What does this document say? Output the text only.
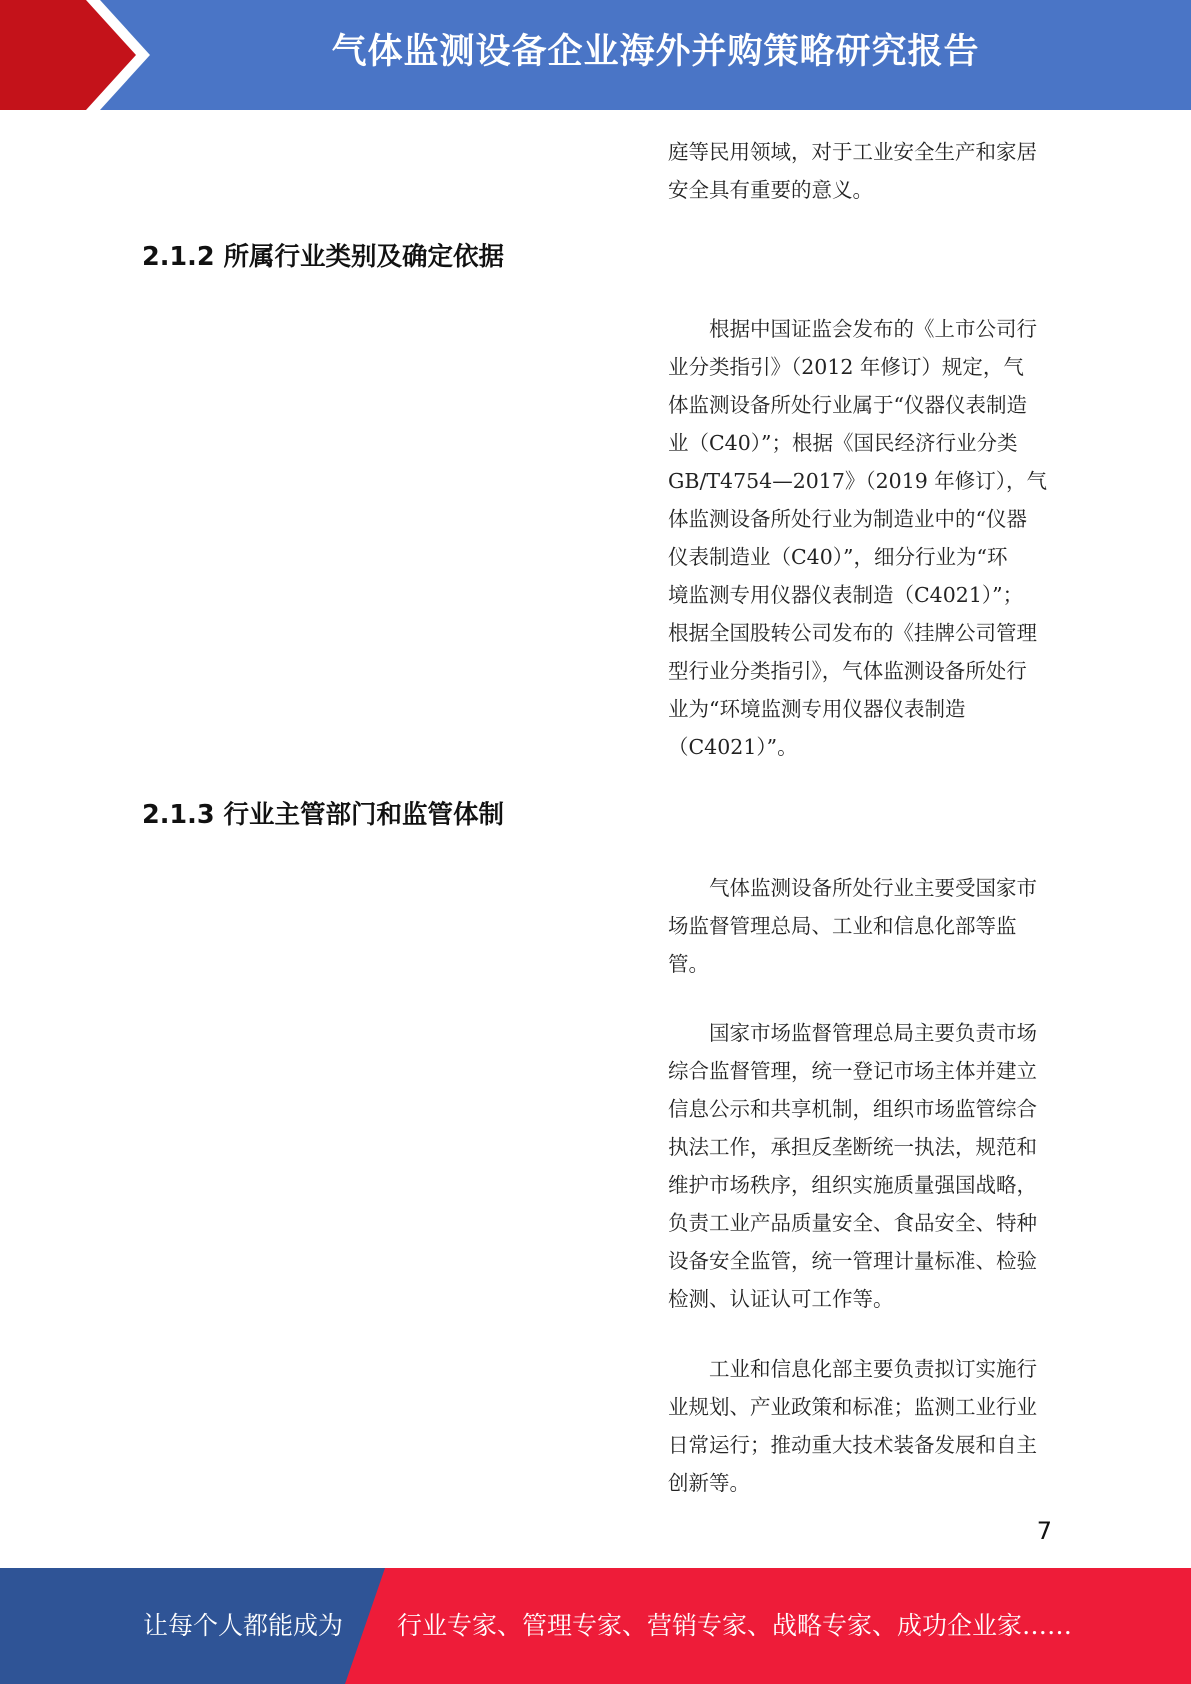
气体监测设备企业海外并购策略研究报告
庭等民用领域，对于工业安全生产和家居
安全具有重要的意义。
2.1.2 所属行业类别及确定依据
　　根据中国证监会发布的《上市公司行
业分类指引》（2012 年修订）规定，气
体监测设备所处行业属于“仪器仪表制造
业（C40）”；根据《国民经济行业分类
GB/T4754—2017》（2019 年修订），气
体监测设备所处行业为制造业中的“仪器
仪表制造业（C40）”，细分行业为“环
境监测专用仪器仪表制造（C4021）”；
根据全国股转公司发布的《挂牌公司管理
型行业分类指引》，气体监测设备所处行
业为“环境监测专用仪器仪表制造
（C4021）”。
2.1.3 行业主管部门和监管体制
　　气体监测设备所处行业主要受国家市
场监督管理总局、工业和信息化部等监
管。
　　国家市场监督管理总局主要负责市场
综合监督管理，统一登记市场主体并建立
信息公示和共享机制，组织市场监管综合
执法工作，承担反垄断统一执法，规范和
维护市场秩序，组织实施质量强国战略，
负责工业产品质量安全、食品安全、特种
设备安全监管，统一管理计量标准、检验
检测、认证认可工作等。
　　工业和信息化部主要负责拟订实施行
业规划、产业政策和标准；监测工业行业
日常运行；推动重大技术装备发展和自主
创新等。
7
让每个人都能成为 行业专家、管理专家、营销专家、战略专家、成功企业家……
